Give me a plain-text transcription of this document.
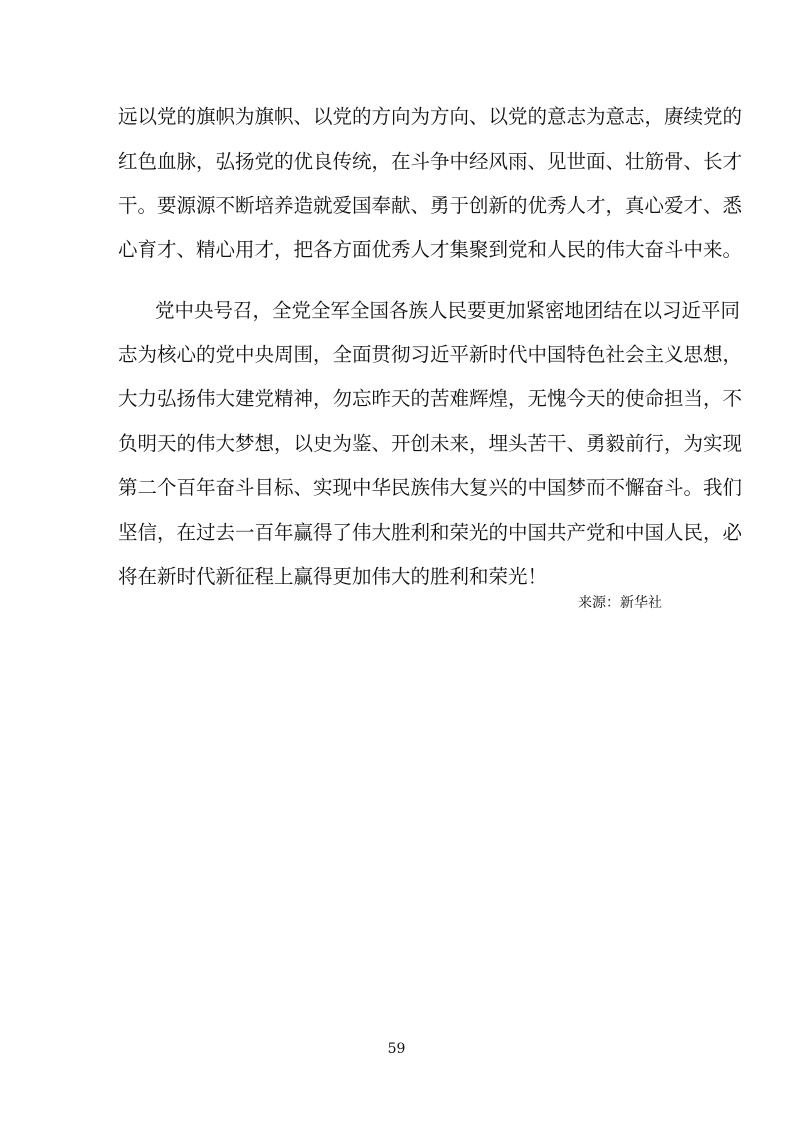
远以党的旗帜为旗帜、以党的方向为方向、以党的意志为意志，赓续党的
红色血脉，弘扬党的优良传统，在斗争中经风雨、见世面、壮筋骨、长才
干。要源源不断培养造就爱国奉献、勇于创新的优秀人才，真心爱才、悉
心育才、精心用才，把各方面优秀人才集聚到党和人民的伟大奋斗中来。
党中央号召，全党全军全国各族人民要更加紧密地团结在以习近平同
志为核心的党中央周围，全面贯彻习近平新时代中国特色社会主义思想，
大力弘扬伟大建党精神，勿忘昨天的苦难辉煌，无愧今天的使命担当，不
负明天的伟大梦想，以史为鉴、开创未来，埋头苦干、勇毅前行，为实现
第二个百年奋斗目标、实现中华民族伟大复兴的中国梦而不懈奋斗。我们
坚信，在过去一百年赢得了伟大胜利和荣光的中国共产党和中国人民，必
将在新时代新征程上赢得更加伟大的胜利和荣光！
来源：新华社
59
